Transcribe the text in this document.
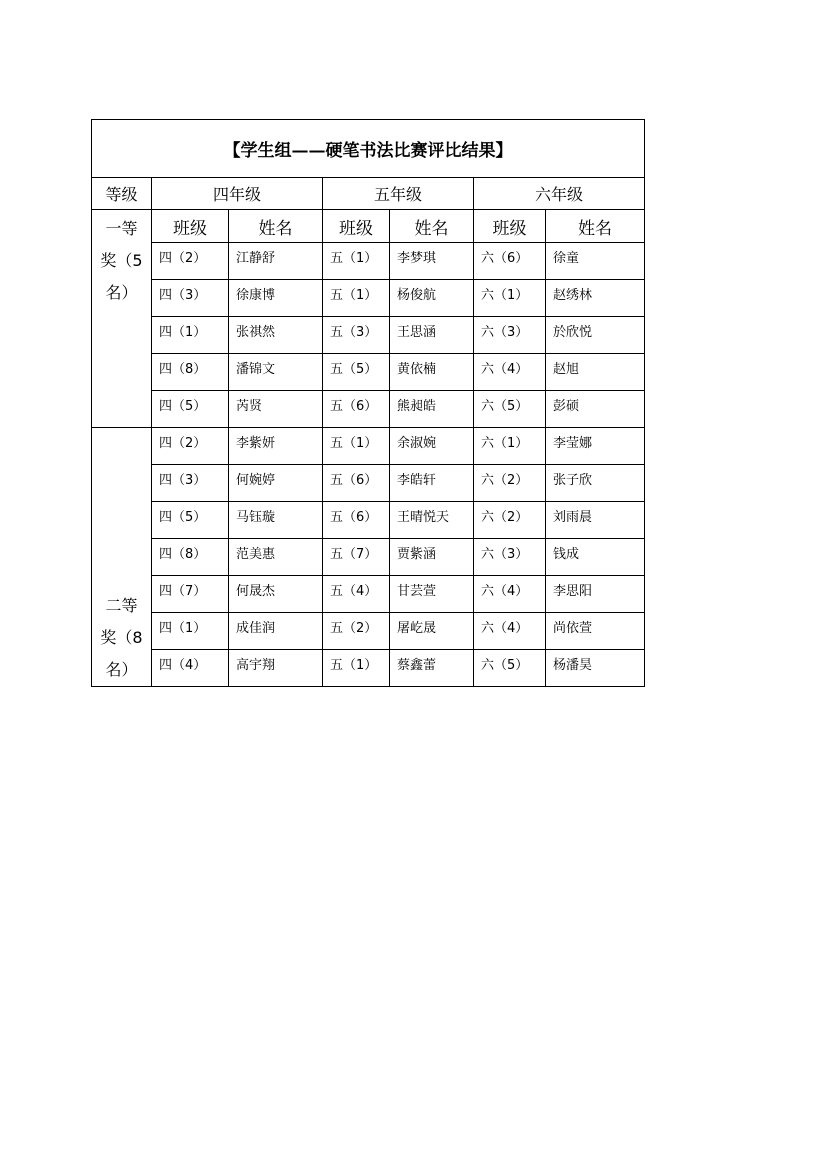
【学生组——硬笔书法比赛评比结果】						
等级	四年级		五年级		六年级	

一等
奖（5
名）	班级	姓名	班级	姓名	班级	姓名
	四（2）	江静舒	五（1）	李梦琪	六（6）	徐童
	四（3）	徐康博	五（1）	杨俊航	六（1）	赵绣林
	四（1）	张祺然	五（3）	王思涵	六（3）	於欣悦
	四（8）	潘锦文	五（5）	黄依楠	六（4）	赵旭
	四（5）	芮贤	五（6）	熊昶皓	六（5）	彭硕

二等
奖（8
名）	四（2）	李紫妍	五（1）	余淑婉	六（1）	李莹娜
	四（3）	何婉婷	五（6）	李皓轩	六（2）	张子欣
	四（5）	马钰璇	五（6）	王晴悦天	六（2）	刘雨晨
	四（8）	范美惠	五（7）	贾紫涵	六（3）	钱成
	四（7）	何晟杰	五（4）	甘芸萱	六（4）	李思阳
	四（1）	成佳润	五（2）	屠屹晟	六（4）	尚依萱
	四（4）	高宇翔	五（1）	蔡鑫蕾	六（5）	杨潘昊
